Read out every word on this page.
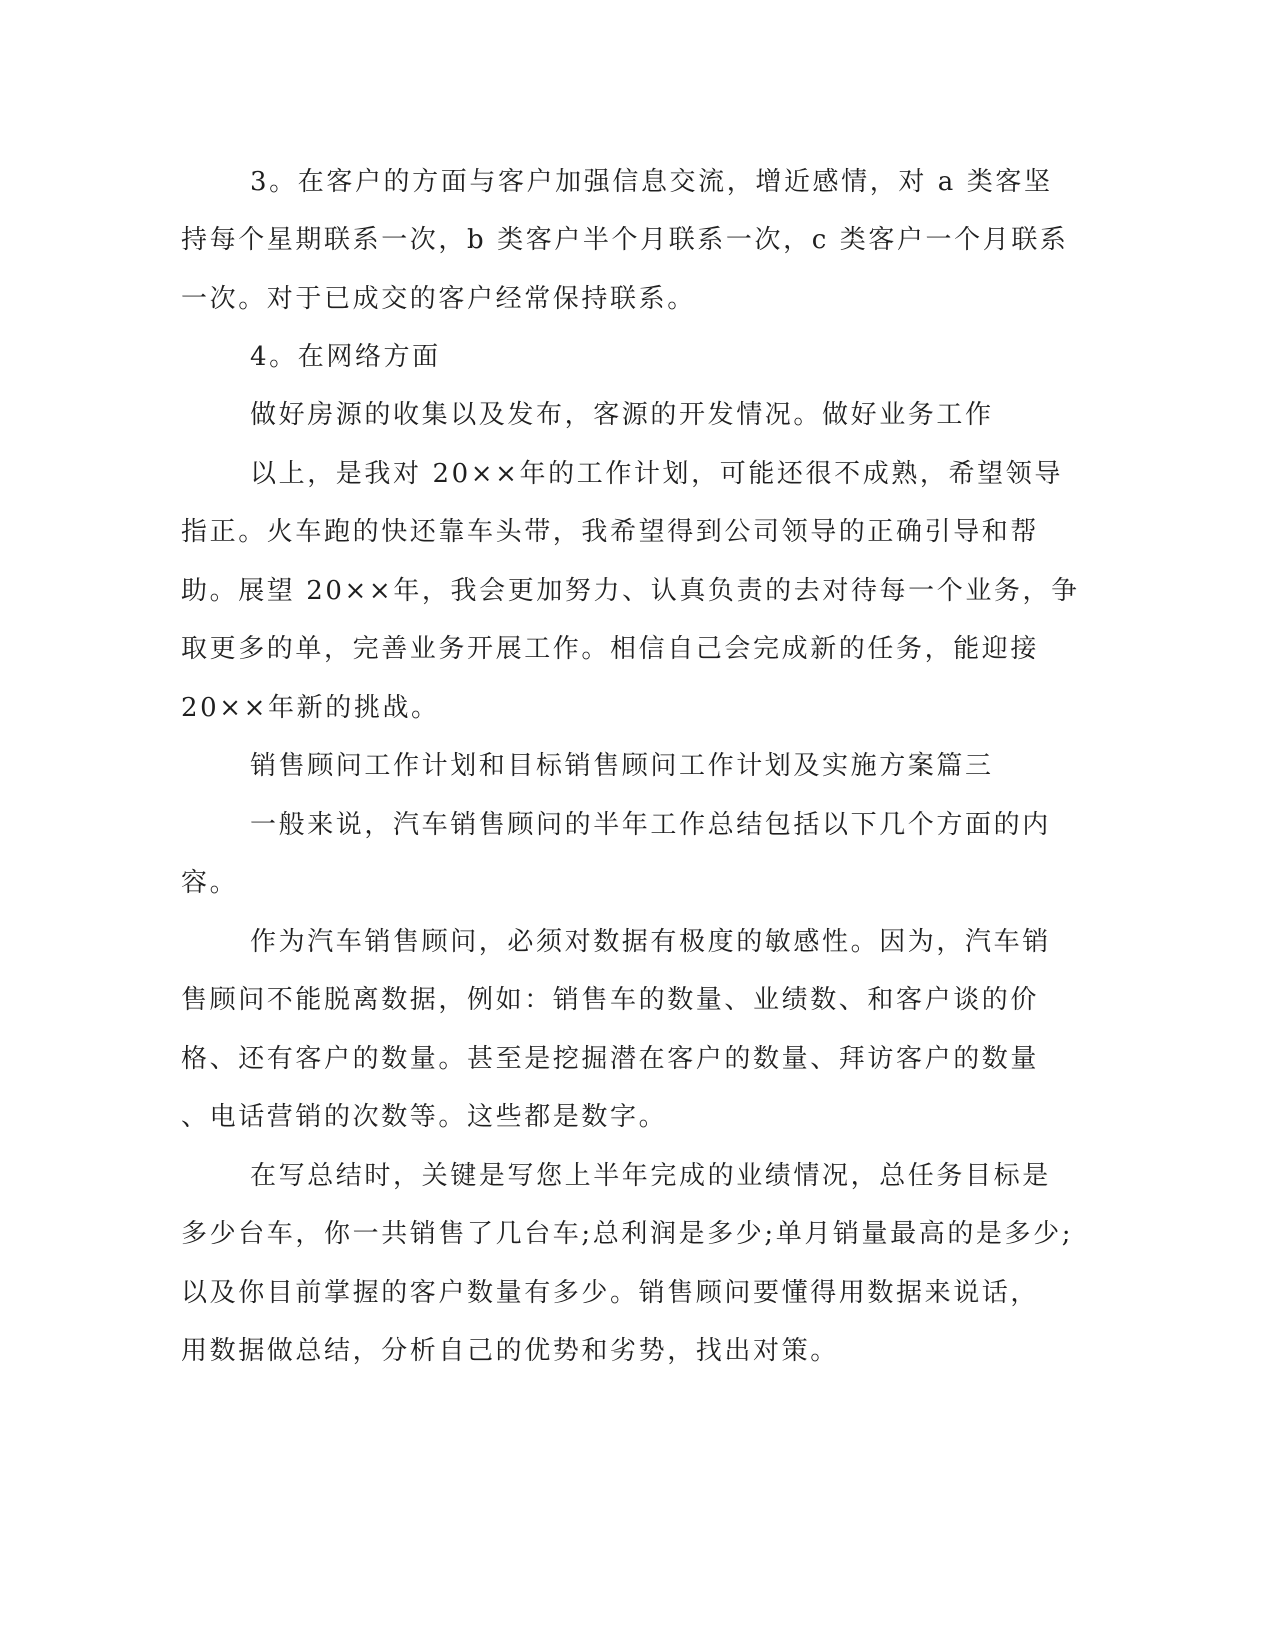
3。在客户的方面与客户加强信息交流，增近感情，对 a 类客坚

持每个星期联系一次，b 类客户半个月联系一次，c 类客户一个月联系

一次。对于已成交的客户经常保持联系。

4。在网络方面

做好房源的收集以及发布，客源的开发情况。做好业务工作

以上，是我对 20××年的工作计划，可能还很不成熟，希望领导

指正。火车跑的快还靠车头带，我希望得到公司领导的正确引导和帮

助。展望 20××年，我会更加努力、认真负责的去对待每一个业务，争

取更多的单，完善业务开展工作。相信自己会完成新的任务，能迎接

20××年新的挑战。

销售顾问工作计划和目标销售顾问工作计划及实施方案篇三

一般来说，汽车销售顾问的半年工作总结包括以下几个方面的内

容。

作为汽车销售顾问，必须对数据有极度的敏感性。因为，汽车销

售顾问不能脱离数据，例如：销售车的数量、业绩数、和客户谈的价

格、还有客户的数量。甚至是挖掘潜在客户的数量、拜访客户的数量

、电话营销的次数等。这些都是数字。

在写总结时，关键是写您上半年完成的业绩情况，总任务目标是

多少台车，你一共销售了几台车;总利润是多少;单月销量最高的是多少;

以及你目前掌握的客户数量有多少。销售顾问要懂得用数据来说话，

用数据做总结，分析自己的优势和劣势，找出对策。
